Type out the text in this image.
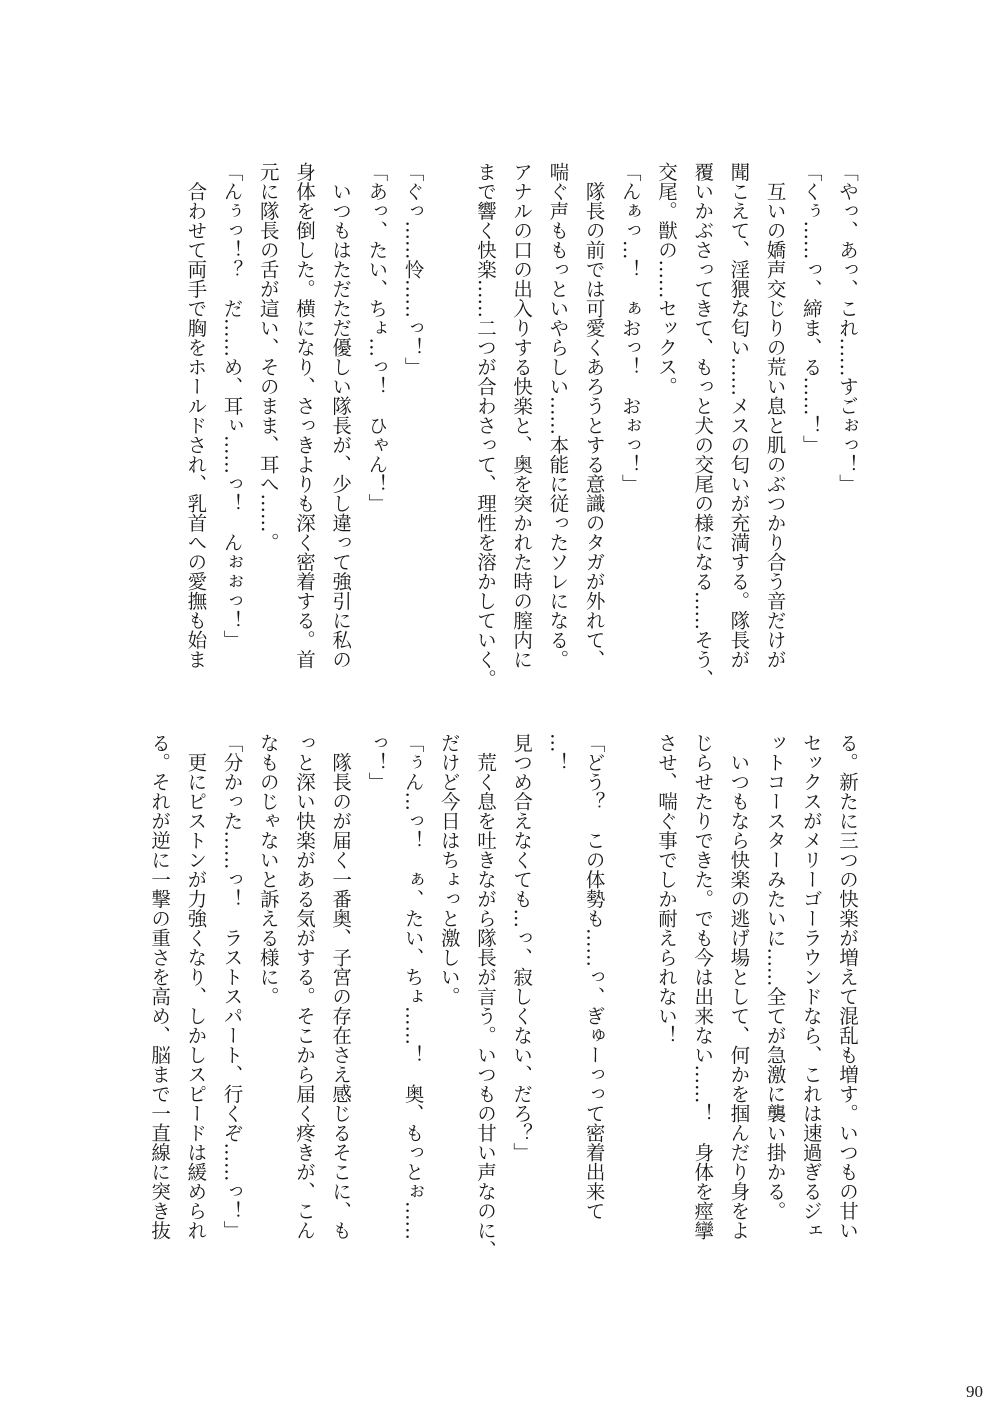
「やっ、あっ、これ……すごぉっ！」

「くぅ……っ、締ま、る……！」

　互いの嬌声交じりの荒い息と肌のぶつかり合う音だけが

聞こえて、淫猥な匂い……メスの匂いが充満する。隊長が

覆いかぶさってきて、もっと犬の交尾の様になる……そう、

交尾。獣の……セックス。

「んぁっ…！　ぁおっ！　おぉっ！」

　隊長の前では可愛くあろうとする意識のタガが外れて、

喘ぐ声ももっといやらしい……本能に従ったソレになる。

アナルの口の出入りする快楽と、奥を突かれた時の膣内に

まで響く快楽……二つが合わさって、理性を溶かしていく。

「ぐっ……怜……っ！」

「あっ、たい、ちょ…っ！　ひゃん！」

　いつもはただただ優しい隊長が、少し違って強引に私の

身体を倒した。横になり、さっきよりも深く密着する。首

元に隊長の舌が這い、そのまま、耳へ……。

「んぅっ！？　だ……め、耳ぃ……っ！　んぉぉっ！」

　合わせて両手で胸をホールドされ、乳首への愛撫も始ま

る。新たに三つの快楽が増えて混乱も増す。いつもの甘い

セックスがメリーゴーラウンドなら、これは速過ぎるジェ

ットコースターみたいに……全てが急激に襲い掛かる。

　いつもなら快楽の逃げ場として、何かを掴んだり身をよ

じらせたりできた。でも今は出来ない……！　身体を痙攣

させ、喘ぐ事でしか耐えられない！

「どう？　この体勢も……っ、ぎゅーっって密着出来て

…！

見つめ合えなくても…っ、寂しくない、だろ？」

　荒く息を吐きながら隊長が言う。いつもの甘い声なのに、

だけど今日はちょっと激しい。

「ぅん…っ！　ぁ、たい、ちょ……！　奥、もっとぉ……

っ！」

　隊長のが届く一番奥、子宮の存在さえ感じるそこに、も

っと深い快楽がある気がする。そこから届く疼きが、こん

なものじゃないと訴える様に。

「分かった……っ！　ラストスパート、行くぞ……っ！」

　更にピストンが力強くなり、しかしスピードは緩められ

る。それが逆に一撃の重さを高め、脳まで一直線に突き抜

90
